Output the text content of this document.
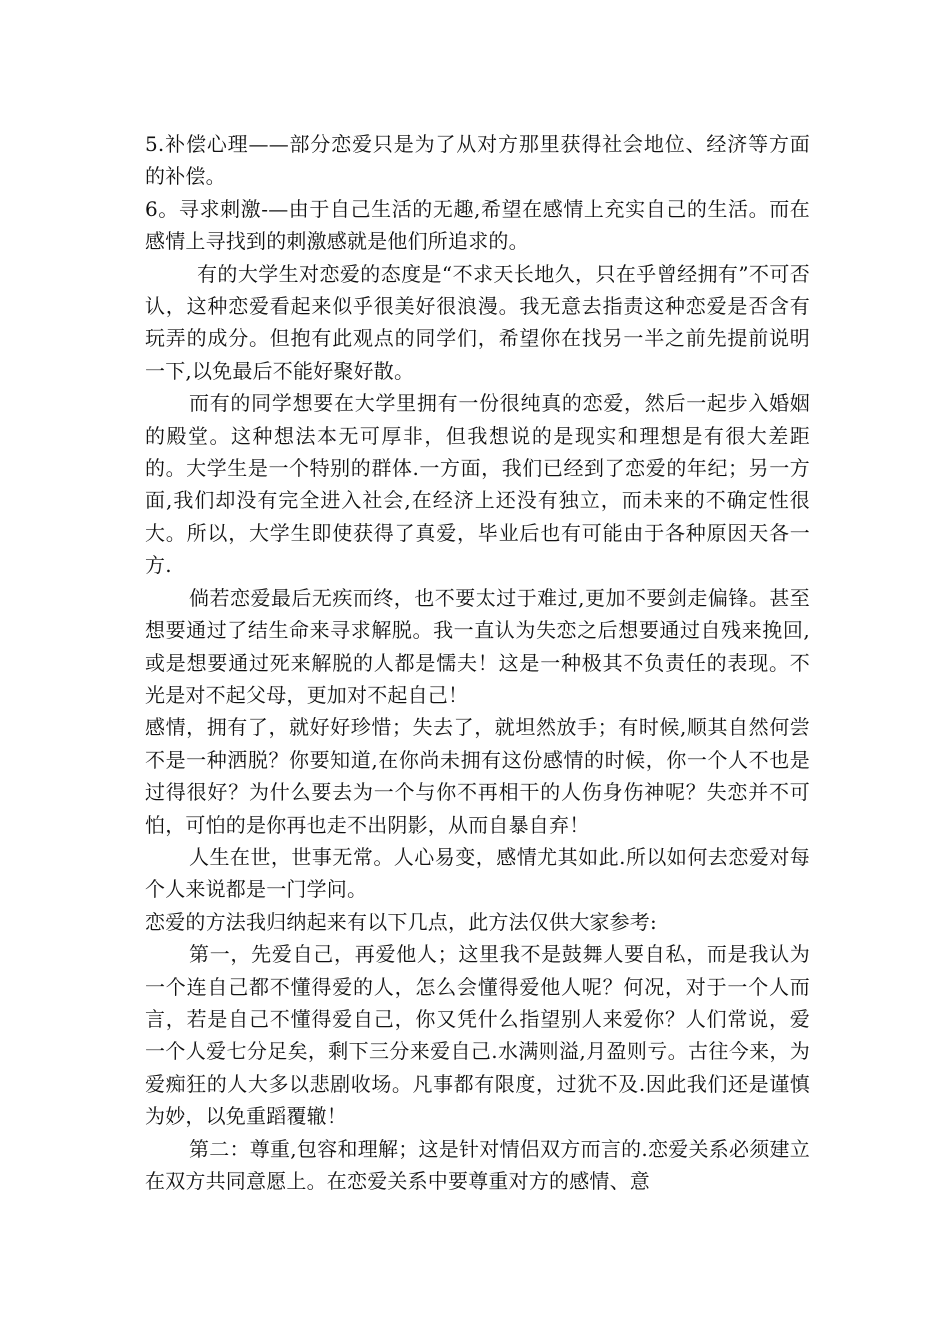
5.补偿心理——部分恋爱只是为了从对方那里获得社会地位、经济等方面的补偿。

6。寻求刺激-—由于自己生活的无趣,希望在感情上充实自己的生活。而在感情上寻找到的刺激感就是他们所追求的。

有的大学生对恋爱的态度是“不求天长地久，只在乎曾经拥有”不可否认，这种恋爱看起来似乎很美好很浪漫。我无意去指责这种恋爱是否含有玩弄的成分。但抱有此观点的同学们，希望你在找另一半之前先提前说明一下,以免最后不能好聚好散。

而有的同学想要在大学里拥有一份很纯真的恋爱，然后一起步入婚姻的殿堂。这种想法本无可厚非，但我想说的是现实和理想是有很大差距的。大学生是一个特别的群体.一方面，我们已经到了恋爱的年纪；另一方面,我们却没有完全进入社会,在经济上还没有独立，而未来的不确定性很大。所以，大学生即使获得了真爱，毕业后也有可能由于各种原因天各一方.

倘若恋爱最后无疾而终，也不要太过于难过,更加不要剑走偏锋。甚至想要通过了结生命来寻求解脱。我一直认为失恋之后想要通过自残来挽回,或是想要通过死来解脱的人都是懦夫！这是一种极其不负责任的表现。不光是对不起父母，更加对不起自己！

感情，拥有了，就好好珍惜；失去了，就坦然放手；有时候,顺其自然何尝不是一种洒脱？你要知道,在你尚未拥有这份感情的时候，你一个人不也是过得很好？为什么要去为一个与你不再相干的人伤身伤神呢？失恋并不可怕，可怕的是你再也走不出阴影，从而自暴自弃！

人生在世，世事无常。人心易变，感情尤其如此.所以如何去恋爱对每个人来说都是一门学问。

恋爱的方法我归纳起来有以下几点，此方法仅供大家参考:

第一，先爱自己，再爱他人；这里我不是鼓舞人要自私，而是我认为一个连自己都不懂得爱的人，怎么会懂得爱他人呢？何况，对于一个人而言，若是自己不懂得爱自己，你又凭什么指望别人来爱你？人们常说，爱一个人爱七分足矣，剩下三分来爱自己.水满则溢,月盈则亏。古往今来，为爱痴狂的人大多以悲剧收场。凡事都有限度，过犹不及.因此我们还是谨慎为妙，以免重蹈覆辙！

第二：尊重,包容和理解；这是针对情侣双方而言的.恋爱关系必须建立在双方共同意愿上。在恋爱关系中要尊重对方的感情、意
